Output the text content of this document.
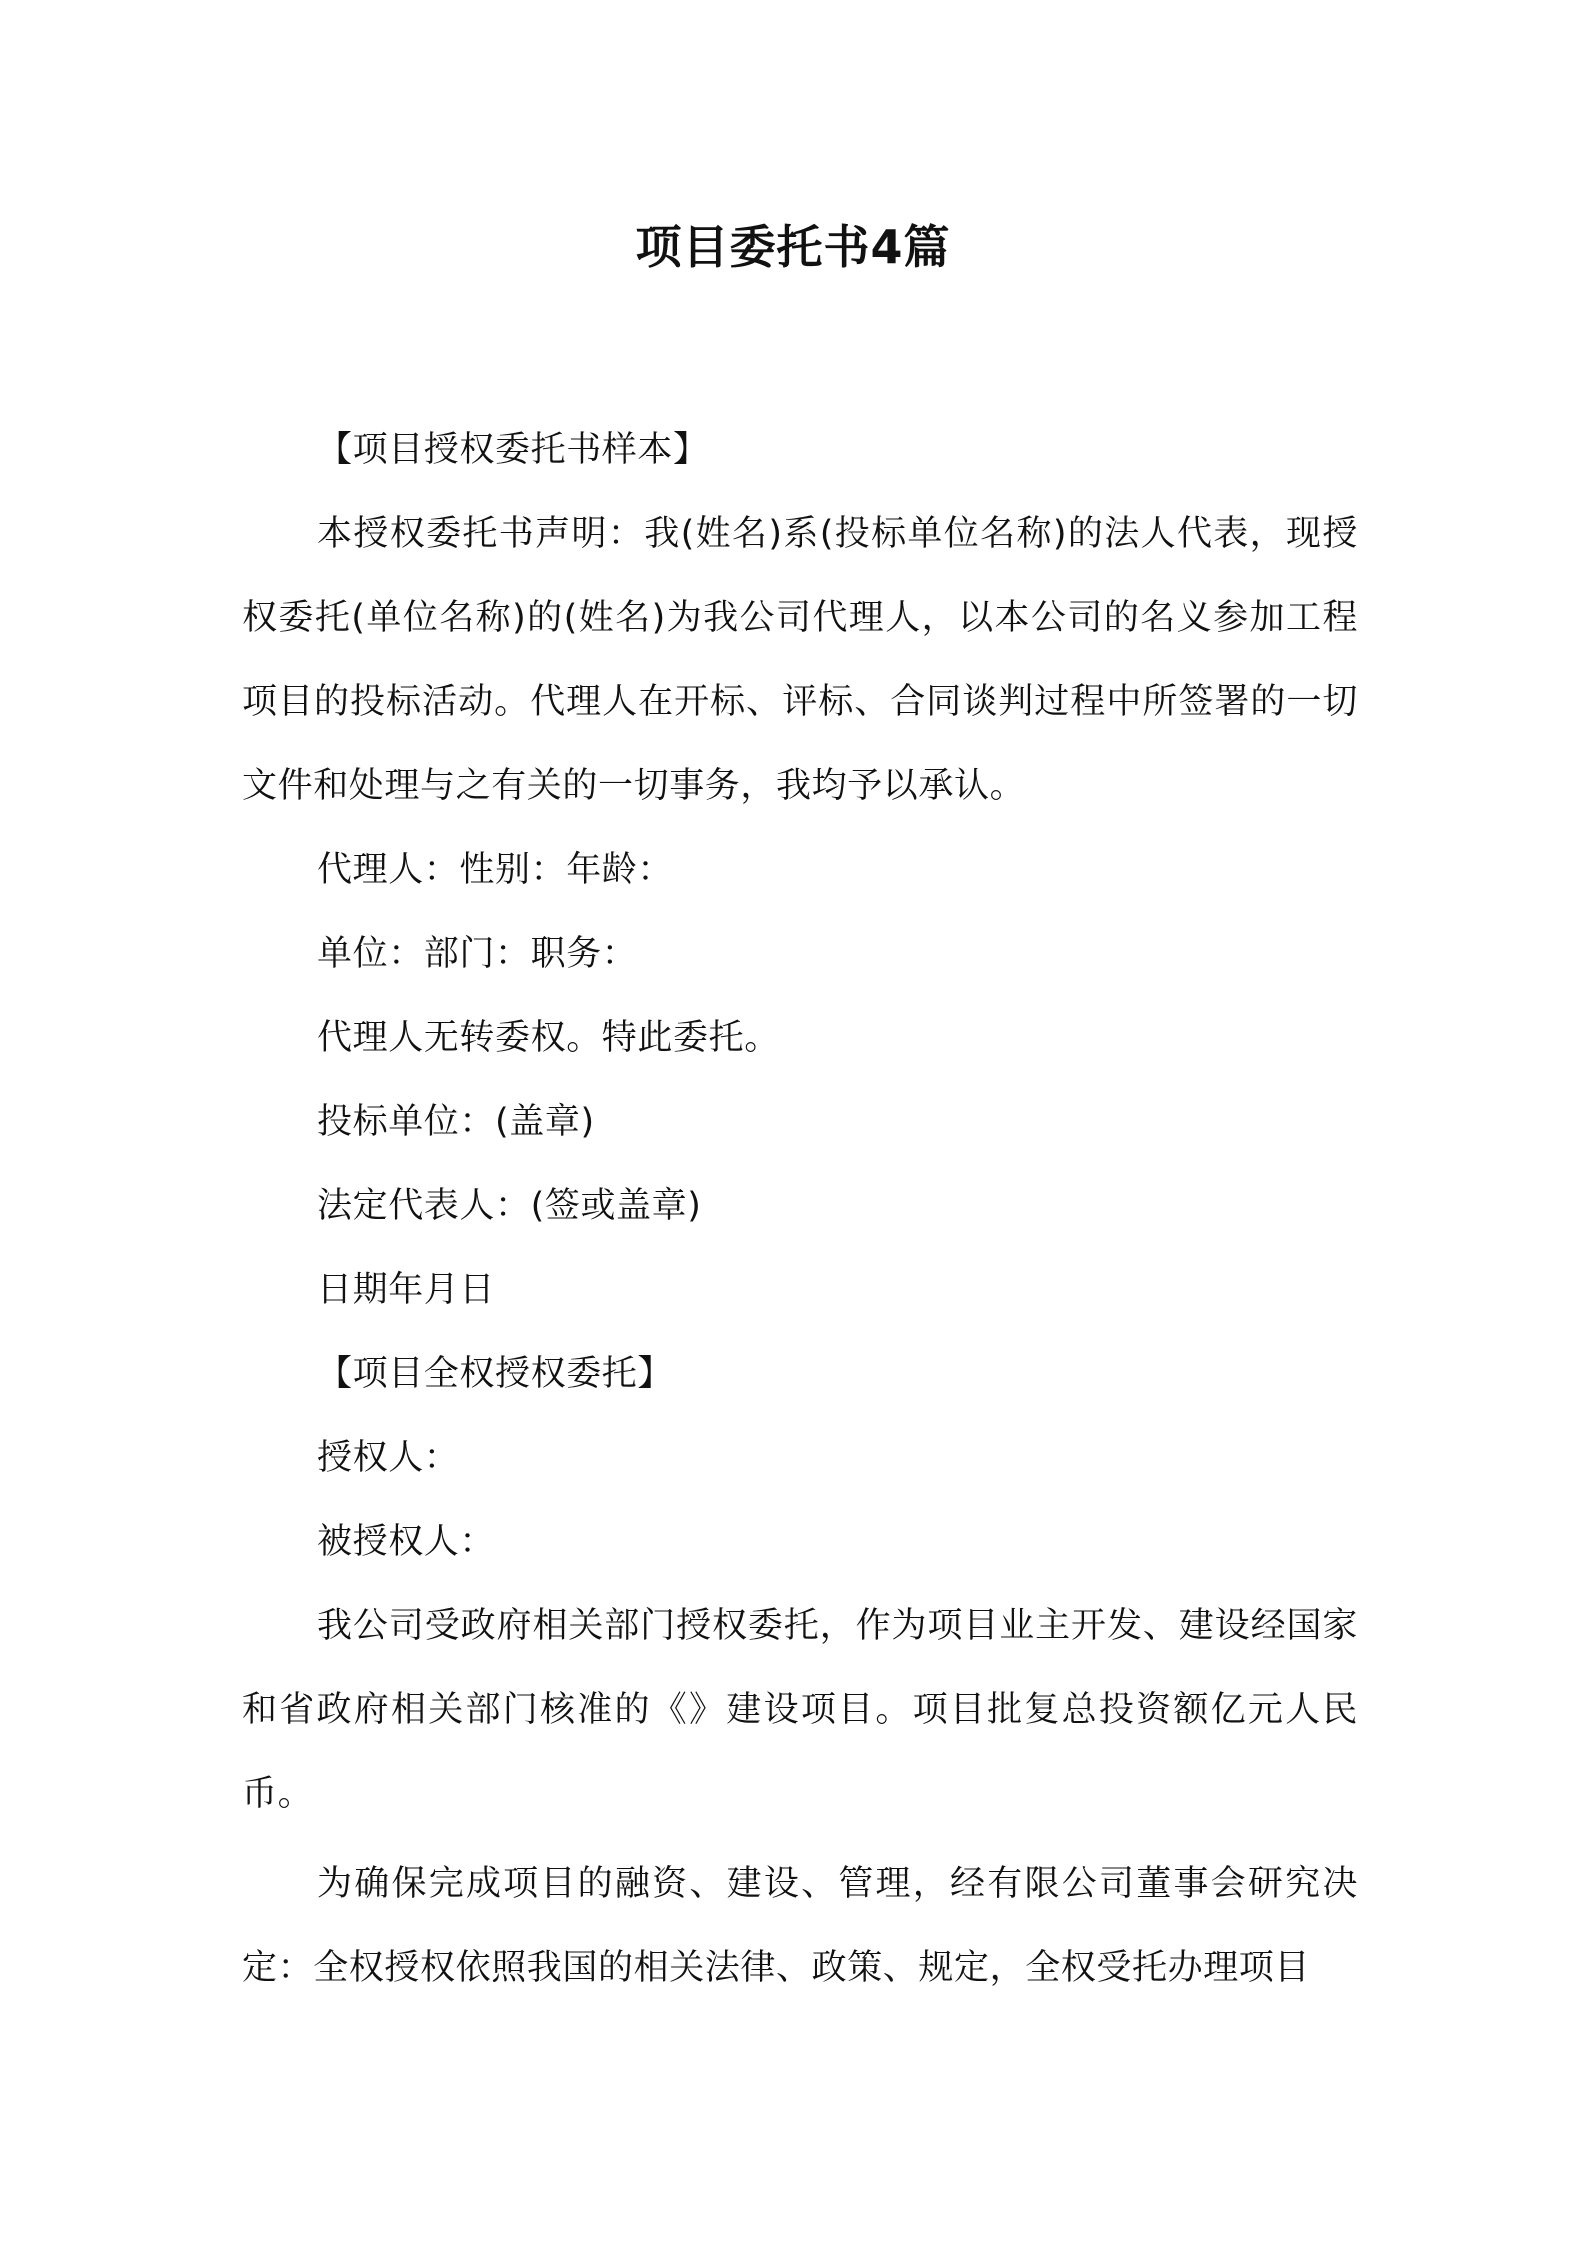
项目委托书4篇

【项目授权委托书样本】

本授权委托书声明：我(姓名)系(投标单位名称)的法人代表，现授权委托(单位名称)的(姓名)为我公司代理人，以本公司的名义参加工程项目的投标活动。代理人在开标、评标、合同谈判过程中所签署的一切文件和处理与之有关的一切事务，我均予以承认。

代理人：性别：年龄：

单位：部门：职务：

代理人无转委权。特此委托。

投标单位：(盖章)

法定代表人：(签或盖章)

日期年月日

【项目全权授权委托】

授权人：

被授权人：

我公司受政府相关部门授权委托，作为项目业主开发、建设经国家和省政府相关部门核准的《》建设项目。项目批复总投资额亿元人民币。

为确保完成项目的融资、建设、管理，经有限公司董事会研究决定：全权授权依照我国的相关法律、政策、规定，全权受托办理项目
